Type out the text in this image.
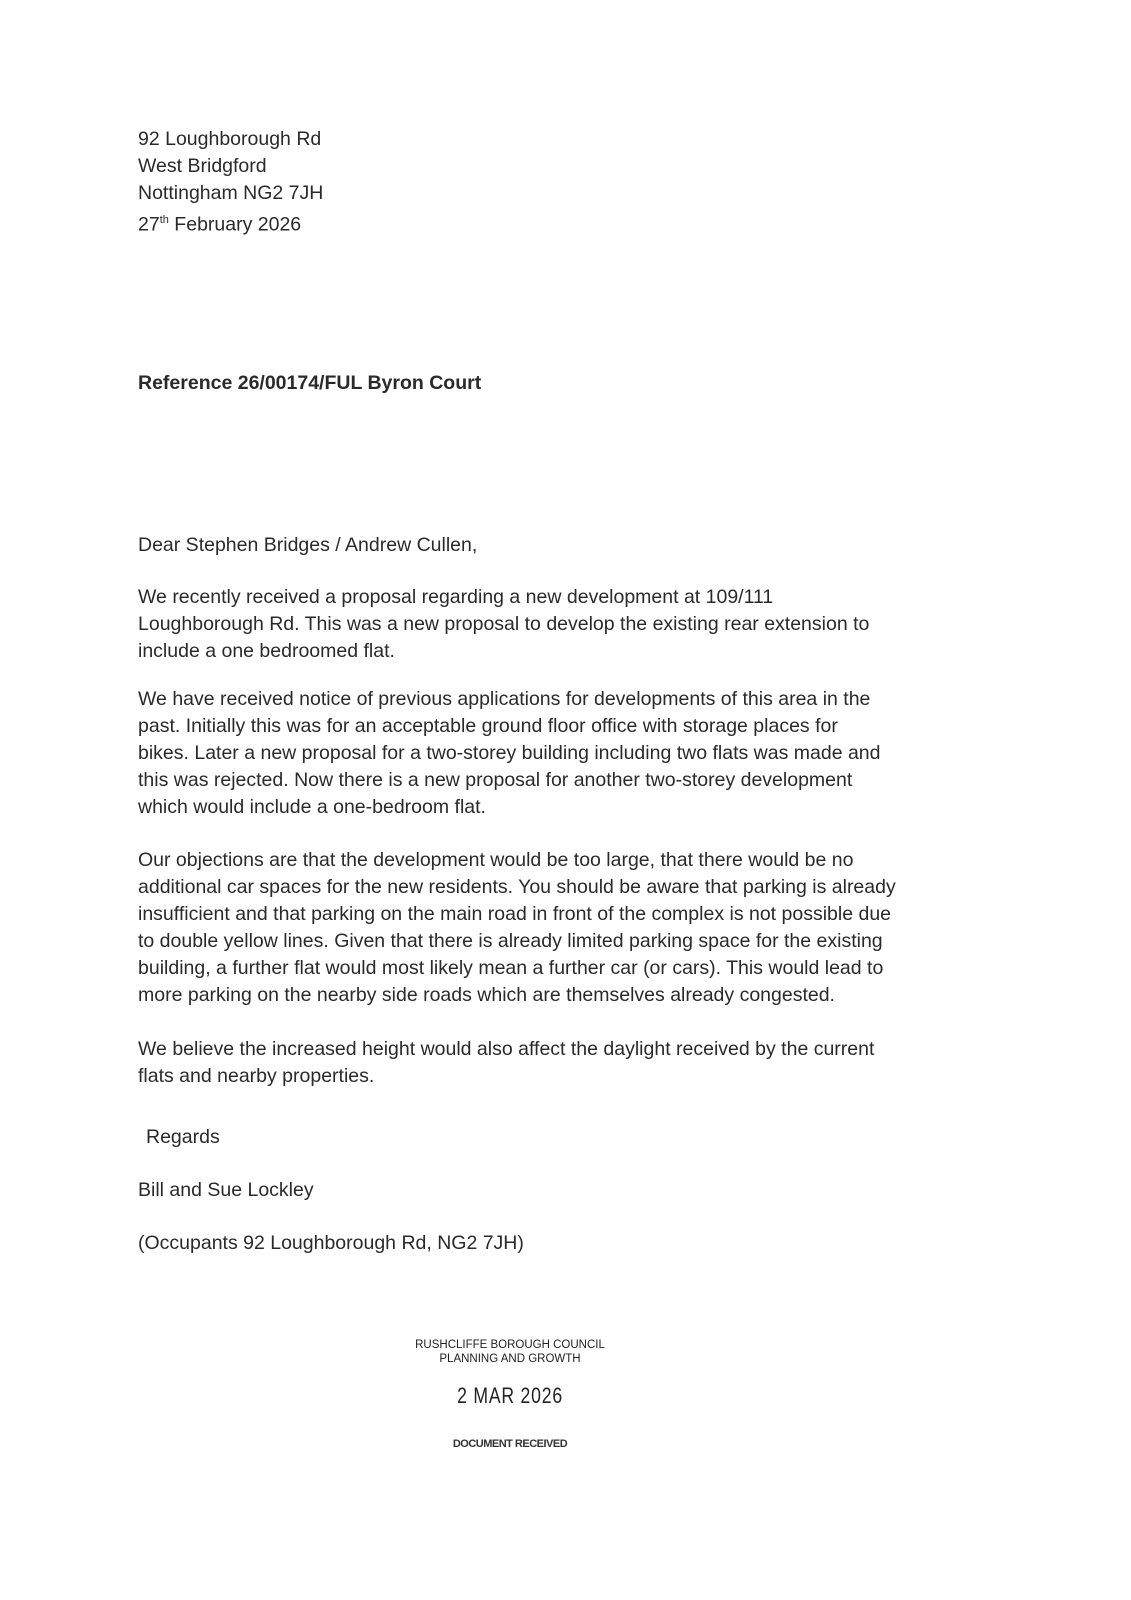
92 Loughborough Rd
West Bridgford
Nottingham NG2 7JH
27th February 2026
Reference 26/00174/FUL Byron Court
Dear Stephen Bridges / Andrew Cullen,
We recently received a proposal regarding a new development at 109/111
Loughborough Rd. This was a new proposal to develop the existing rear extension to
include a one bedroomed flat.
We have received notice of previous applications for developments of this area in the
past. Initially this was for an acceptable ground floor office with storage places for
bikes. Later a new proposal for a two-storey building including two flats was made and
this was rejected. Now there is a new proposal for another two-storey development
which would include a one-bedroom flat.
Our objections are that the development would be too large, that there would be no
additional car spaces for the new residents. You should be aware that parking is already
insufficient and that parking on the main road in front of the complex is not possible due
to double yellow lines. Given that there is already limited parking space for the existing
building, a further flat would most likely mean a further car (or cars). This would lead to
more parking on the nearby side roads which are themselves already congested.
We believe the increased height would also affect the daylight received by the current
flats and nearby properties.
Regards
Bill and Sue Lockley
(Occupants 92 Loughborough Rd, NG2 7JH)
RUSHCLIFFE BOROUGH COUNCIL
PLANNING AND GROWTH
2 MAR 2026
DOCUMENT RECEIVED
